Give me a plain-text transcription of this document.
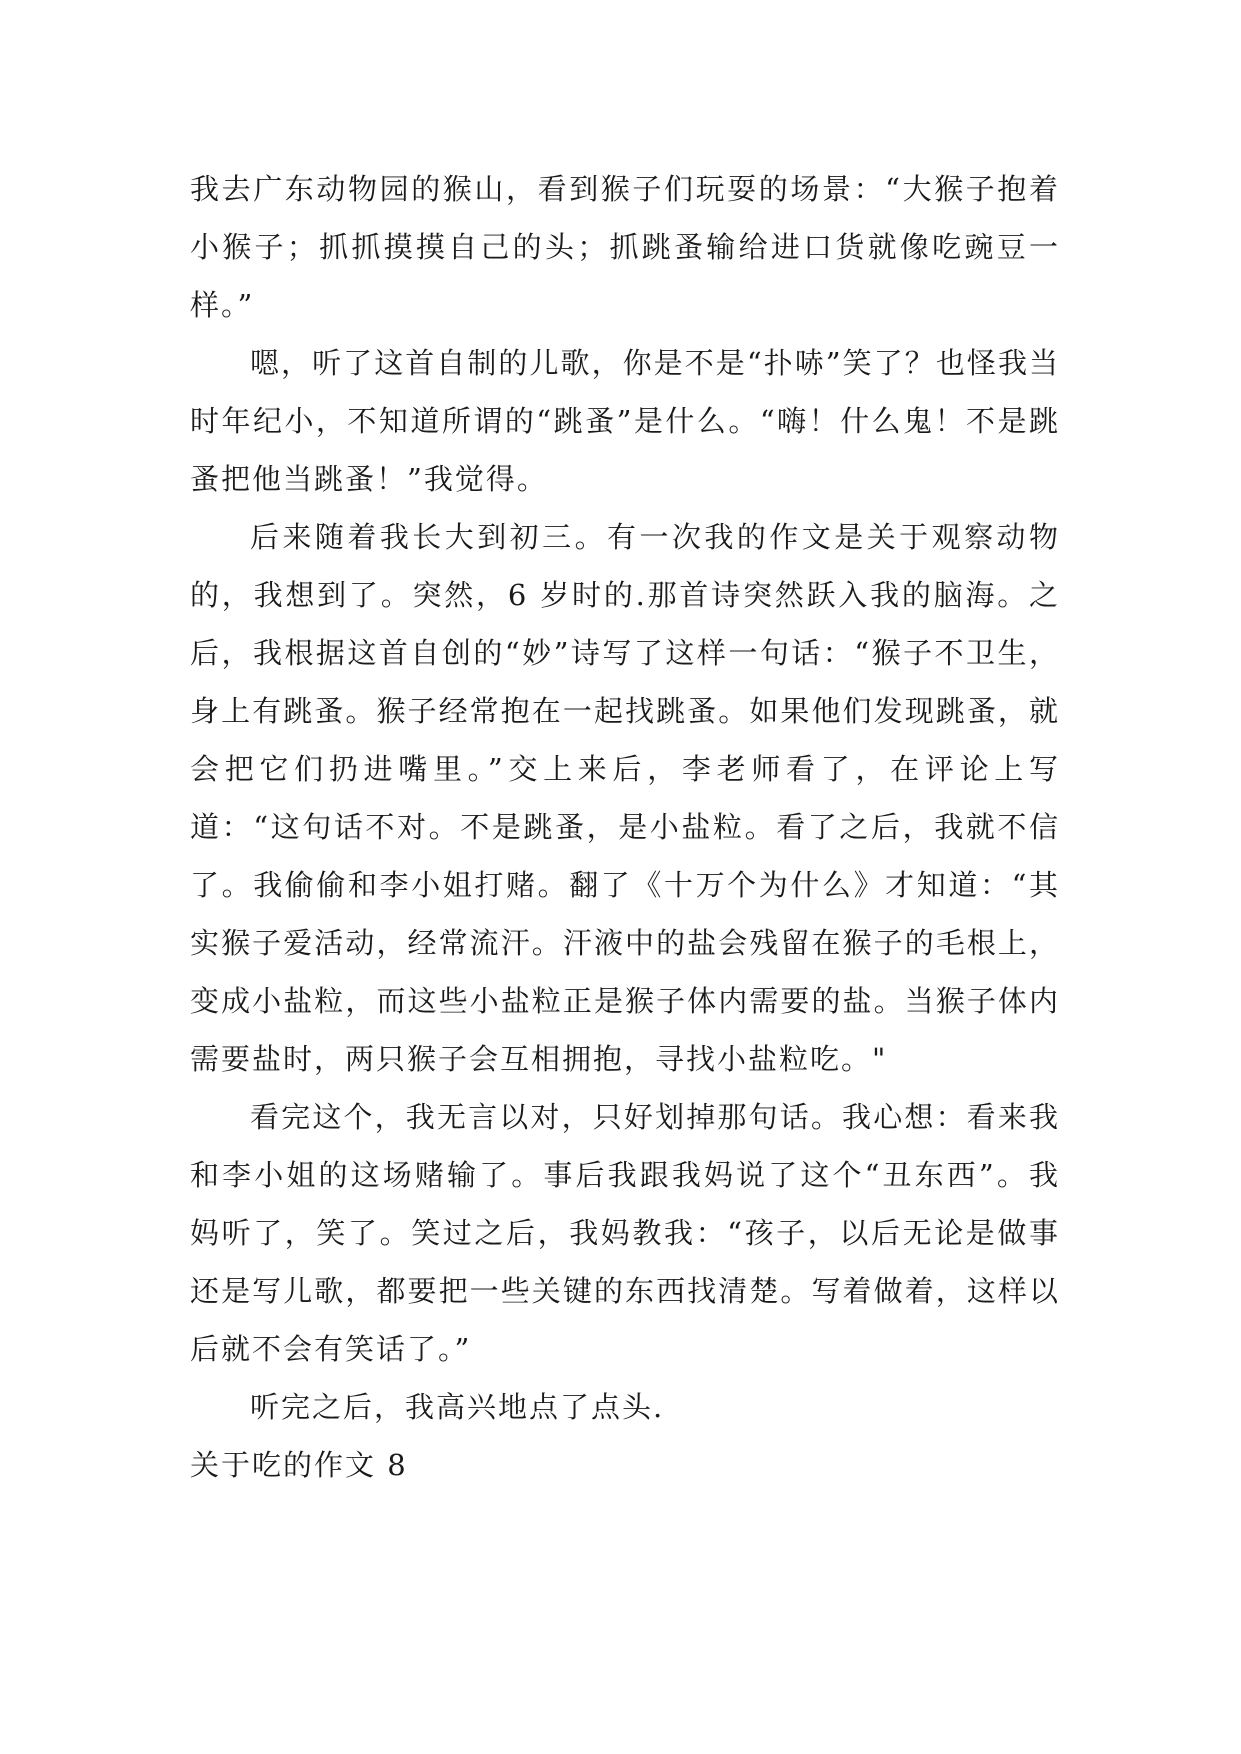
我去广东动物园的猴山，看到猴子们玩耍的场景：“大猴子抱着小猴子；抓抓摸摸自己的头；抓跳蚤输给进口货就像吃豌豆一样。”

嗯，听了这首自制的儿歌，你是不是“扑哧”笑了？也怪我当时年纪小，不知道所谓的“跳蚤”是什么。“嗨！什么鬼！不是跳蚤把他当跳蚤！”我觉得。

后来随着我长大到初三。有一次我的作文是关于观察动物的，我想到了。突然，6 岁时的.那首诗突然跃入我的脑海。之后，我根据这首自创的“妙”诗写了这样一句话：“猴子不卫生，身上有跳蚤。猴子经常抱在一起找跳蚤。如果他们发现跳蚤，就会把它们扔进嘴里。”交上来后，李老师看了，在评论上写道：“这句话不对。不是跳蚤，是小盐粒。看了之后，我就不信了。我偷偷和李小姐打赌。翻了《十万个为什么》才知道：“其实猴子爱活动，经常流汗。汗液中的盐会残留在猴子的毛根上，变成小盐粒，而这些小盐粒正是猴子体内需要的盐。当猴子体内需要盐时，两只猴子会互相拥抱，寻找小盐粒吃。"

看完这个，我无言以对，只好划掉那句话。我心想：看来我和李小姐的这场赌输了。事后我跟我妈说了这个“丑东西”。我妈听了，笑了。笑过之后，我妈教我：“孩子，以后无论是做事还是写儿歌，都要把一些关键的东西找清楚。写着做着，这样以后就不会有笑话了。”

听完之后，我高兴地点了点头.

关于吃的作文 8
